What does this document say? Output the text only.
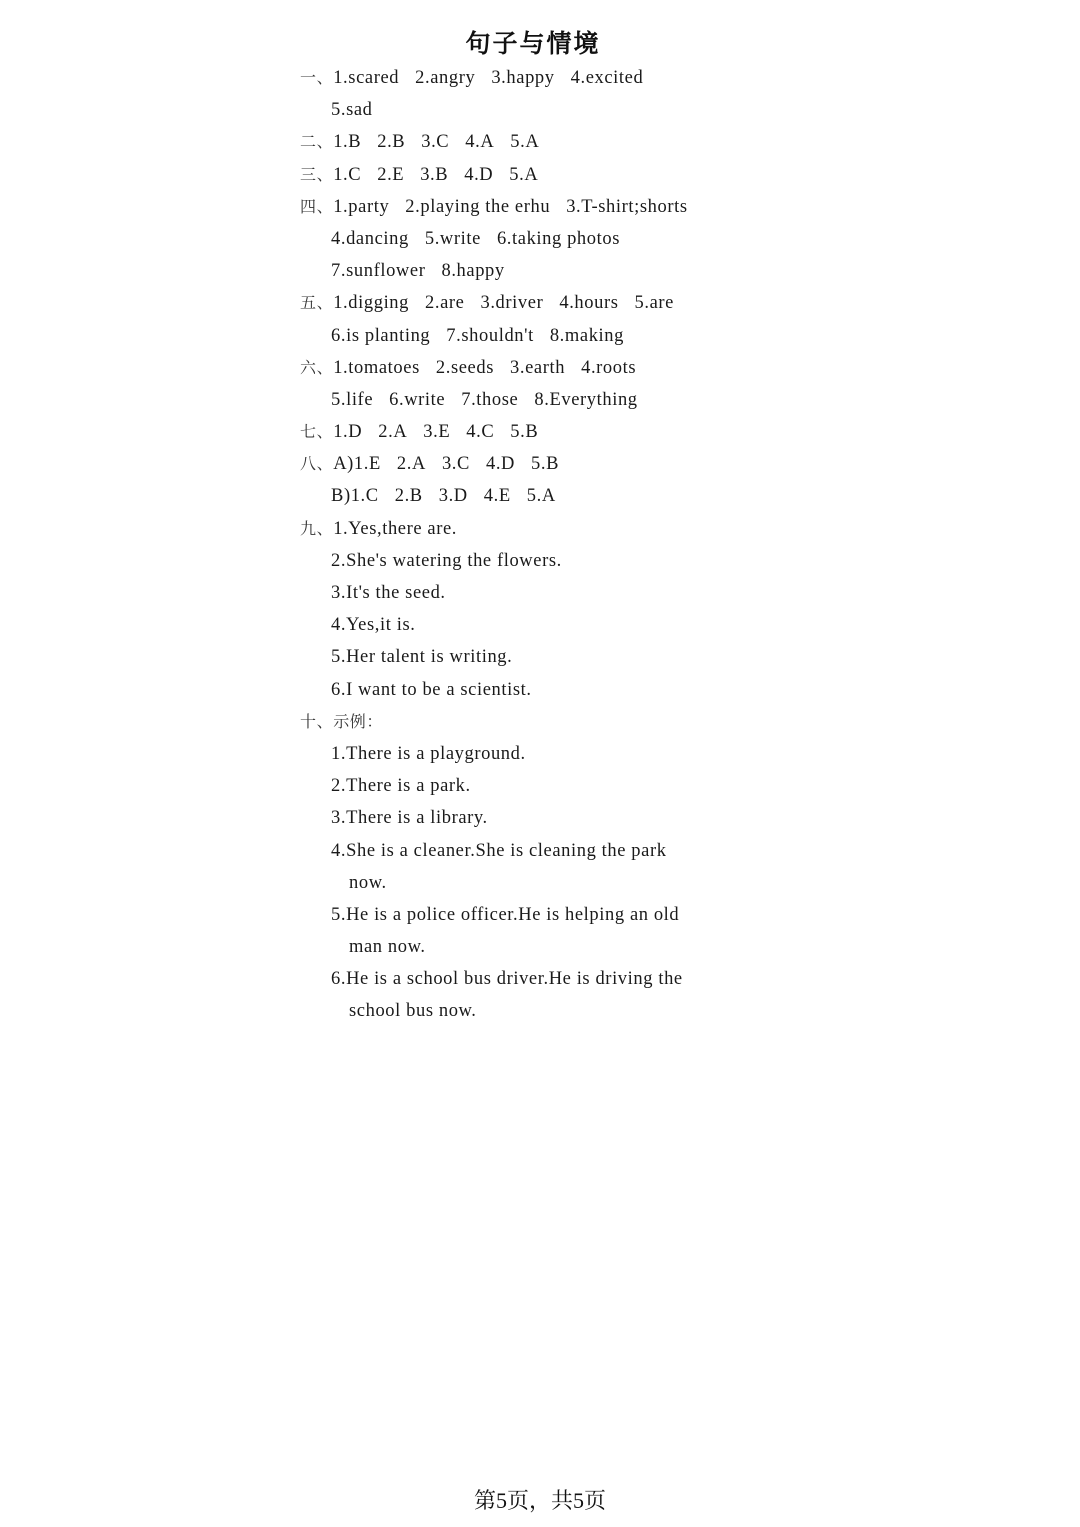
句子与情境
一、1.scared 2.angry 3.happy 4.excited
5.sad
二、1.B 2.B 3.C 4.A 5.A
三、1.C 2.E 3.B 4.D 5.A
四、1.party 2.playing the erhu 3.T-shirt;shorts
4.dancing 5.write 6.taking photos
7.sunflower 8.happy
五、1.digging 2.are 3.driver 4.hours 5.are
6.is planting 7.shouldn't 8.making
六、1.tomatoes 2.seeds 3.earth 4.roots
5.life 6.write 7.those 8.Everything
七、1.D 2.A 3.E 4.C 5.B
八、A)1.E 2.A 3.C 4.D 5.B
B)1.C 2.B 3.D 4.E 5.A
九、1.Yes,there are.
2.She's watering the flowers.
3.It's the seed.
4.Yes,it is.
5.Her talent is writing.
6.I want to be a scientist.
十、示例：
1.There is a playground.
2.There is a park.
3.There is a library.
4.She is a cleaner.She is cleaning the park
now.
5.He is a police officer.He is helping an old
man now.
6.He is a school bus driver.He is driving the
school bus now.
第5页，共5页
